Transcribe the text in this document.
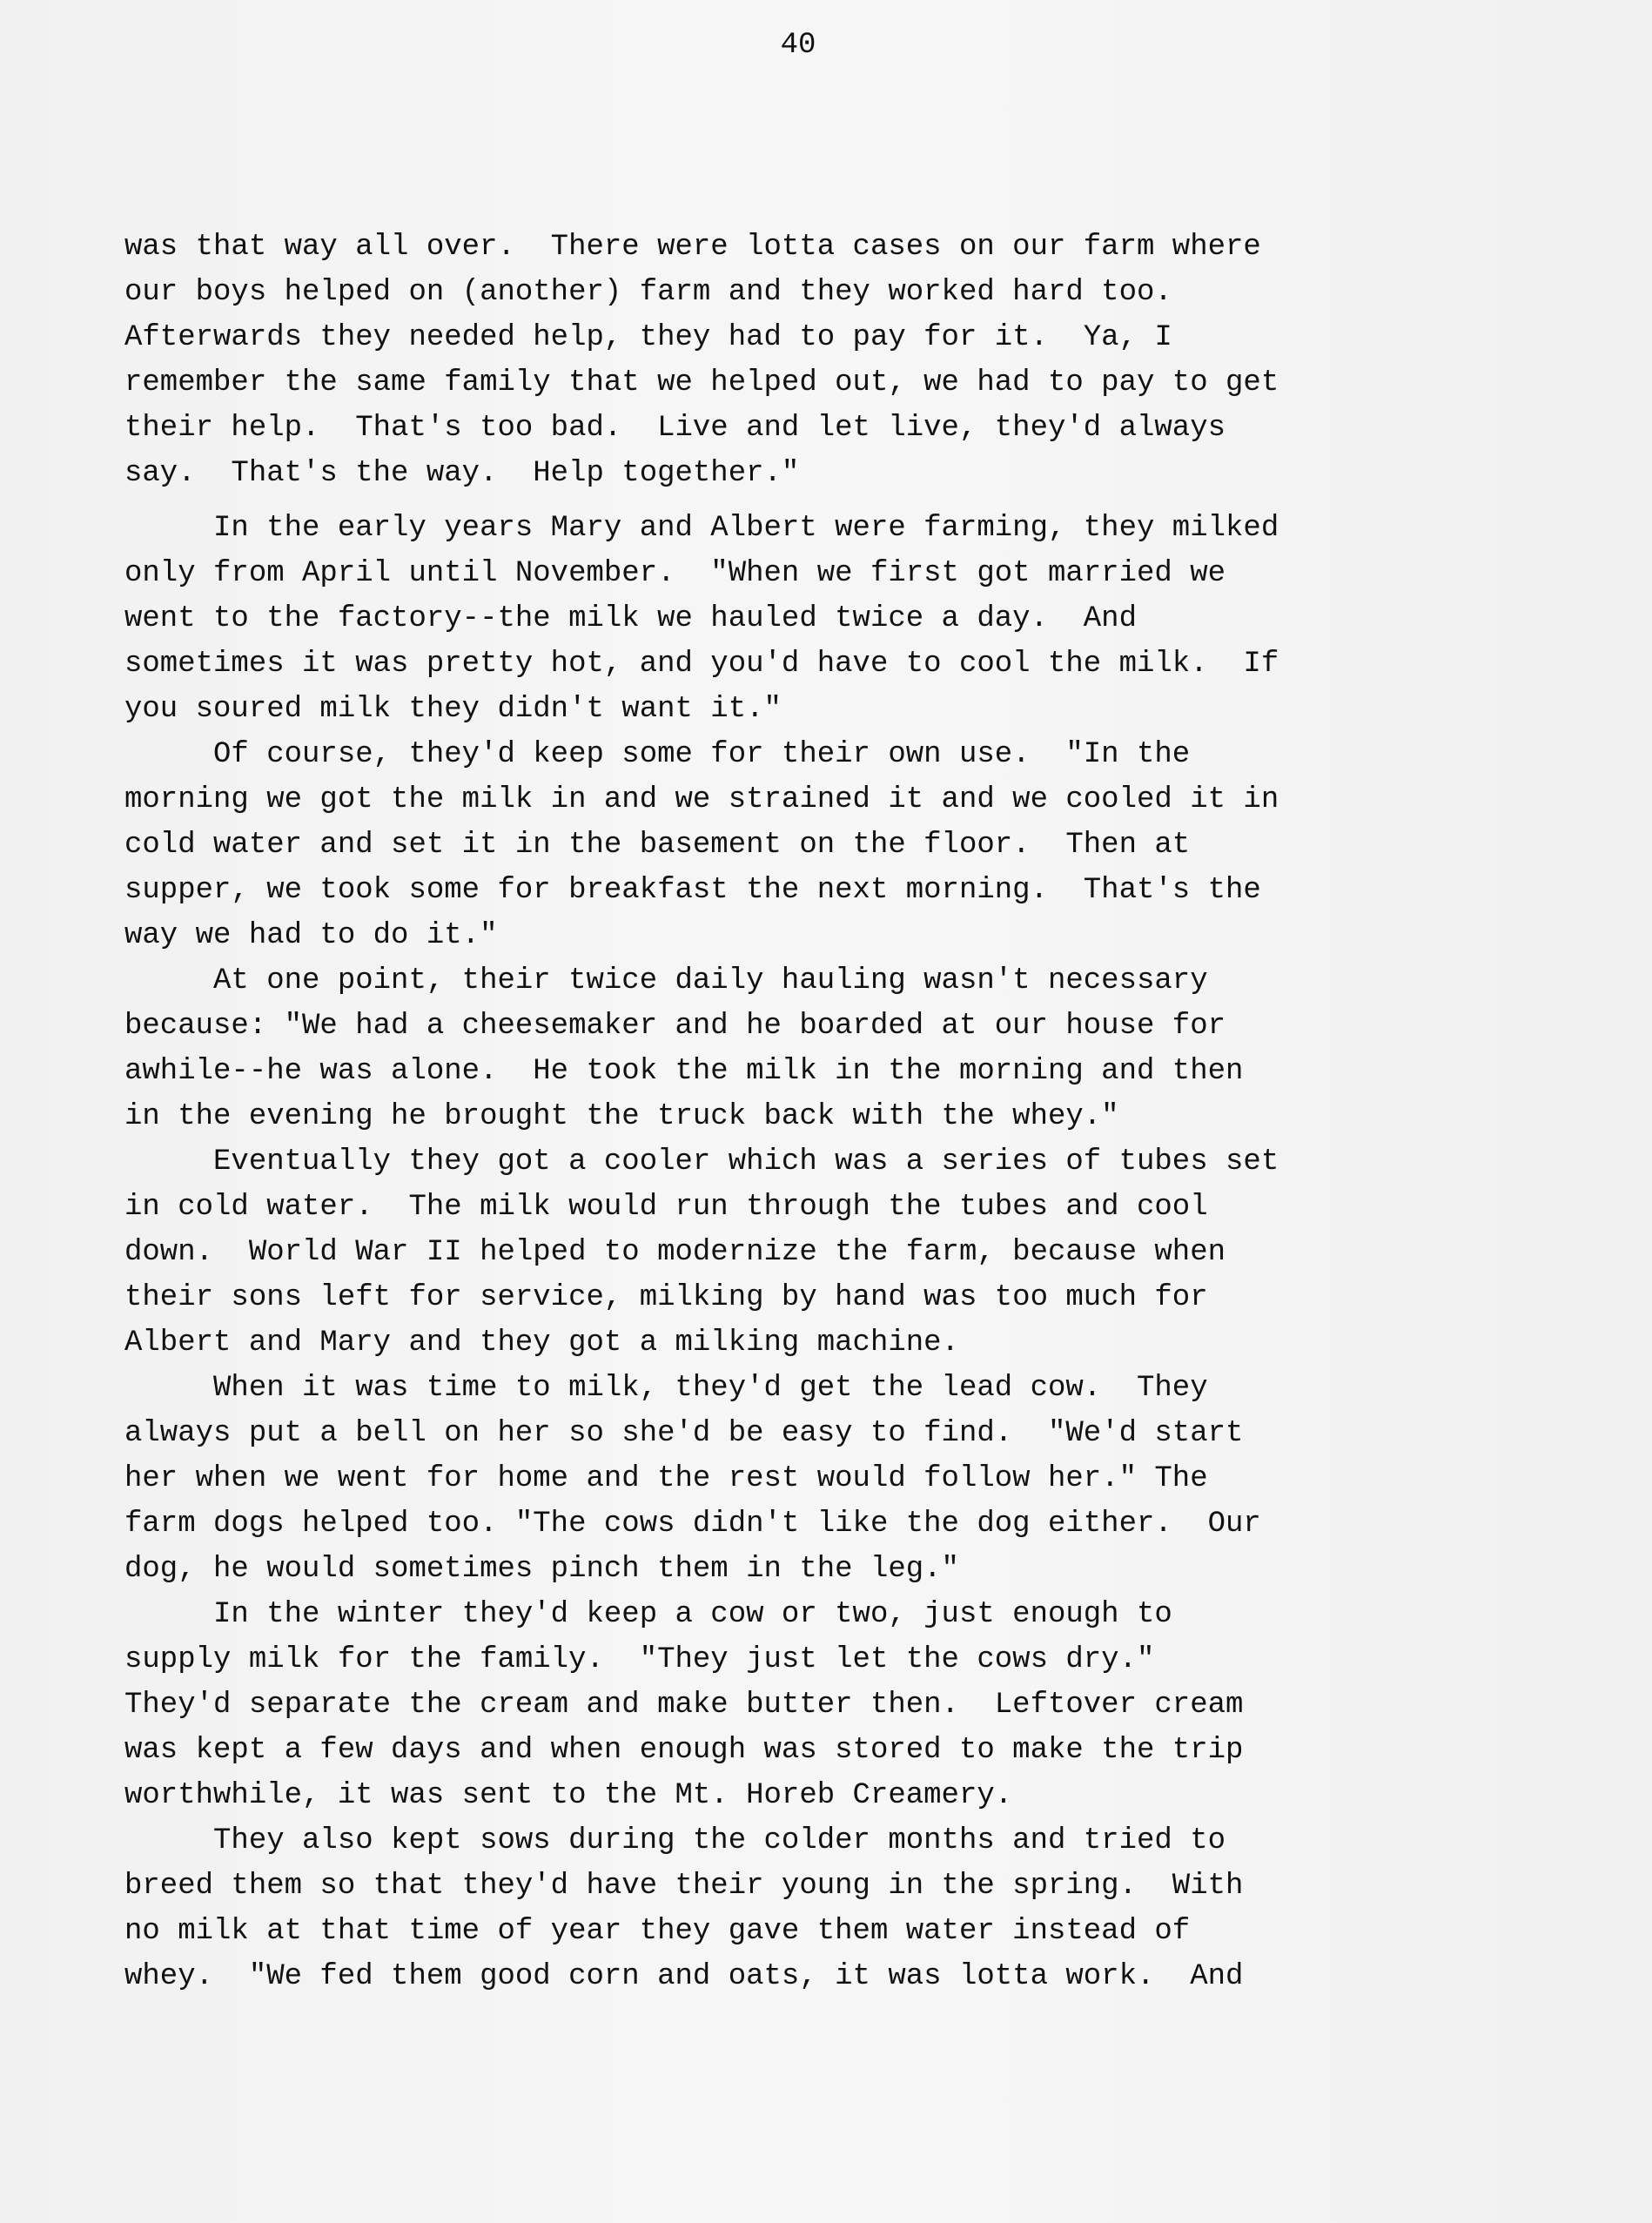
40
was that way all over.  There were lotta cases on our farm where
our boys helped on (another) farm and they worked hard too.
Afterwards they needed help, they had to pay for it.  Ya, I
remember the same family that we helped out, we had to pay to get
their help.  That's too bad.  Live and let live, they'd always
say.  That's the way.  Help together."
In the early years Mary and Albert were farming, they milked
only from April until November.  "When we first got married we
went to the factory--the milk we hauled twice a day.  And
sometimes it was pretty hot, and you'd have to cool the milk.  If
you soured milk they didn't want it."
Of course, they'd keep some for their own use.  "In the
morning we got the milk in and we strained it and we cooled it in
cold water and set it in the basement on the floor.  Then at
supper, we took some for breakfast the next morning.  That's the
way we had to do it."
At one point, their twice daily hauling wasn't necessary
because: "We had a cheesemaker and he boarded at our house for
awhile--he was alone.  He took the milk in the morning and then
in the evening he brought the truck back with the whey."
Eventually they got a cooler which was a series of tubes set
in cold water.  The milk would run through the tubes and cool
down.  World War II helped to modernize the farm, because when
their sons left for service, milking by hand was too much for
Albert and Mary and they got a milking machine.
When it was time to milk, they'd get the lead cow.  They
always put a bell on her so she'd be easy to find.  "We'd start
her when we went for home and the rest would follow her." The
farm dogs helped too. "The cows didn't like the dog either.  Our
dog, he would sometimes pinch them in the leg."
In the winter they'd keep a cow or two, just enough to
supply milk for the family.  "They just let the cows dry."
They'd separate the cream and make butter then.  Leftover cream
was kept a few days and when enough was stored to make the trip
worthwhile, it was sent to the Mt. Horeb Creamery.
They also kept sows during the colder months and tried to
breed them so that they'd have their young in the spring.  With
no milk at that time of year they gave them water instead of
whey.  "We fed them good corn and oats, it was lotta work.  And
